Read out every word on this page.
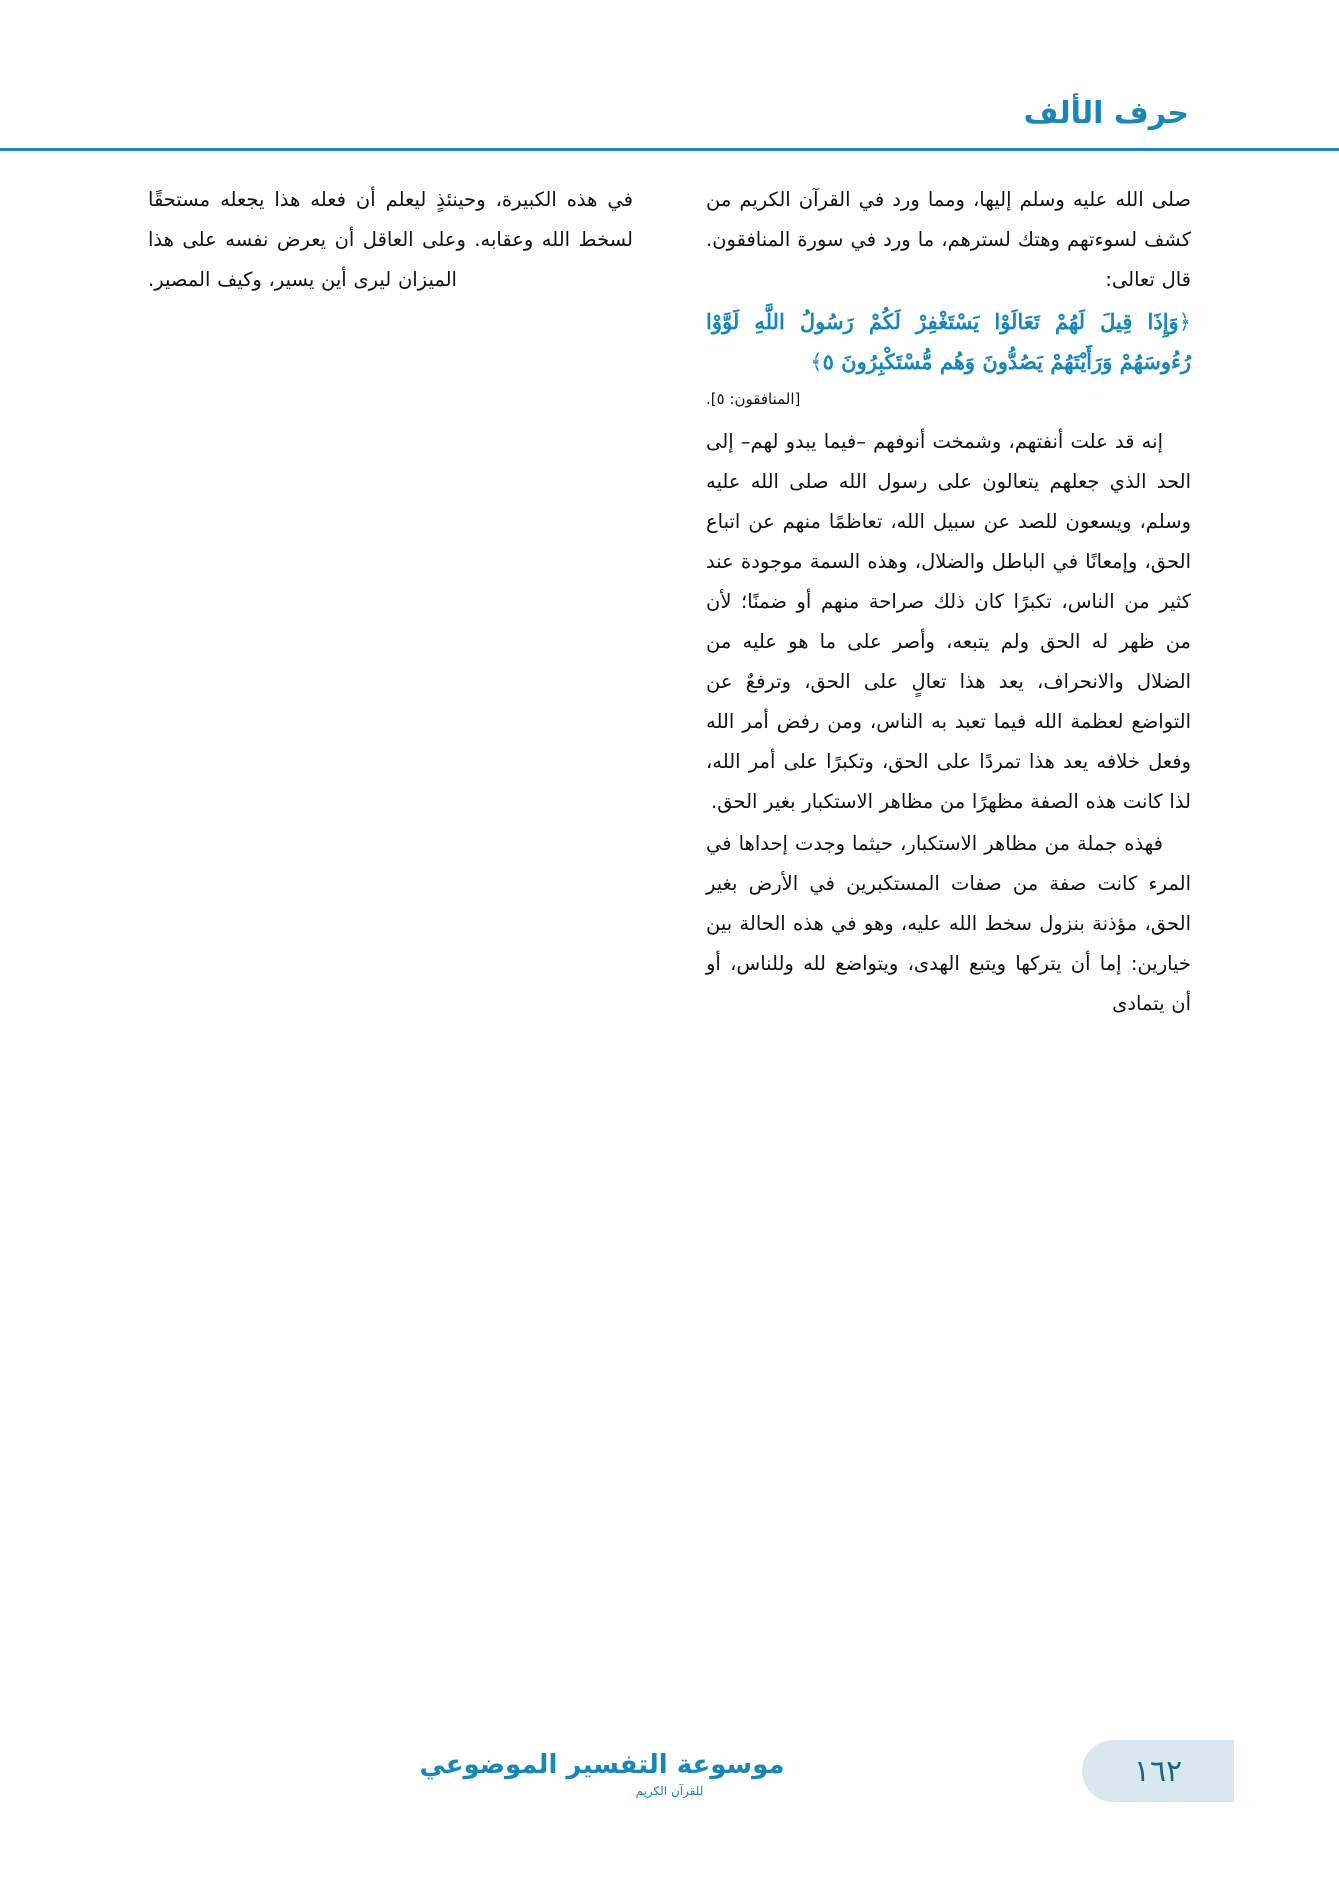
حرف الألف

صلى الله عليه وسلم إليها، ومما ورد في القرآن الكريم من كشف لسوءتهم وهتك لسترهم، ما ورد في سورة المنافقون. قال تعالى:

﴿وَإِذَا قِيلَ لَهُمْ تَعَالَوْا يَسْتَغْفِرْ لَكُمْ رَسُولُ اللَّهِ لَوَّوْا رُءُوسَهُمْ وَرَأَيْتَهُمْ يَصُدُّونَ وَهُم مُّسْتَكْبِرُونَ ٥﴾
[المنافقون: ٥].

إنه قد علت أنفتهم، وشمخت أنوفهم –فيما يبدو لهم– إلى الحد الذي جعلهم يتعالون على رسول الله صلى الله عليه وسلم، ويسعون للصد عن سبيل الله، تعاظمًا منهم عن اتباع الحق، وإمعانًا في الباطل والضلال، وهذه السمة موجودة عند كثير من الناس، تكبرًا كان ذلك صراحة منهم أو ضمنًا؛ لأن من ظهر له الحق ولم يتبعه، وأصر على ما هو عليه من الضلال والانحراف، يعد هذا تعالٍ على الحق، وترفعٌ عن التواضع لعظمة الله فيما تعبد به الناس، ومن رفض أمر الله وفعل خلافه يعد هذا تمردًا على الحق، وتكبرًا على أمر الله، لذا كانت هذه الصفة مظهرًا من مظاهر الاستكبار بغير الحق.

فهذه جملة من مظاهر الاستكبار، حيثما وجدت إحداها في المرء كانت صفة من صفات المستكبرين في الأرض بغير الحق، مؤذنة بنزول سخط الله عليه، وهو في هذه الحالة بين خيارين: إما أن يتركها ويتبع الهدى، ويتواضع لله وللناس، أو أن يتمادى

في هذه الكبيرة، وحينئذٍ ليعلم أن فعله هذا يجعله مستحقًا لسخط الله وعقابه. وعلى العاقل أن يعرض نفسه على هذا الميزان ليرى أين يسير، وكيف المصير.

موسوعة التفسير الموضوعي
للقرآن الكريم
١٦٢
